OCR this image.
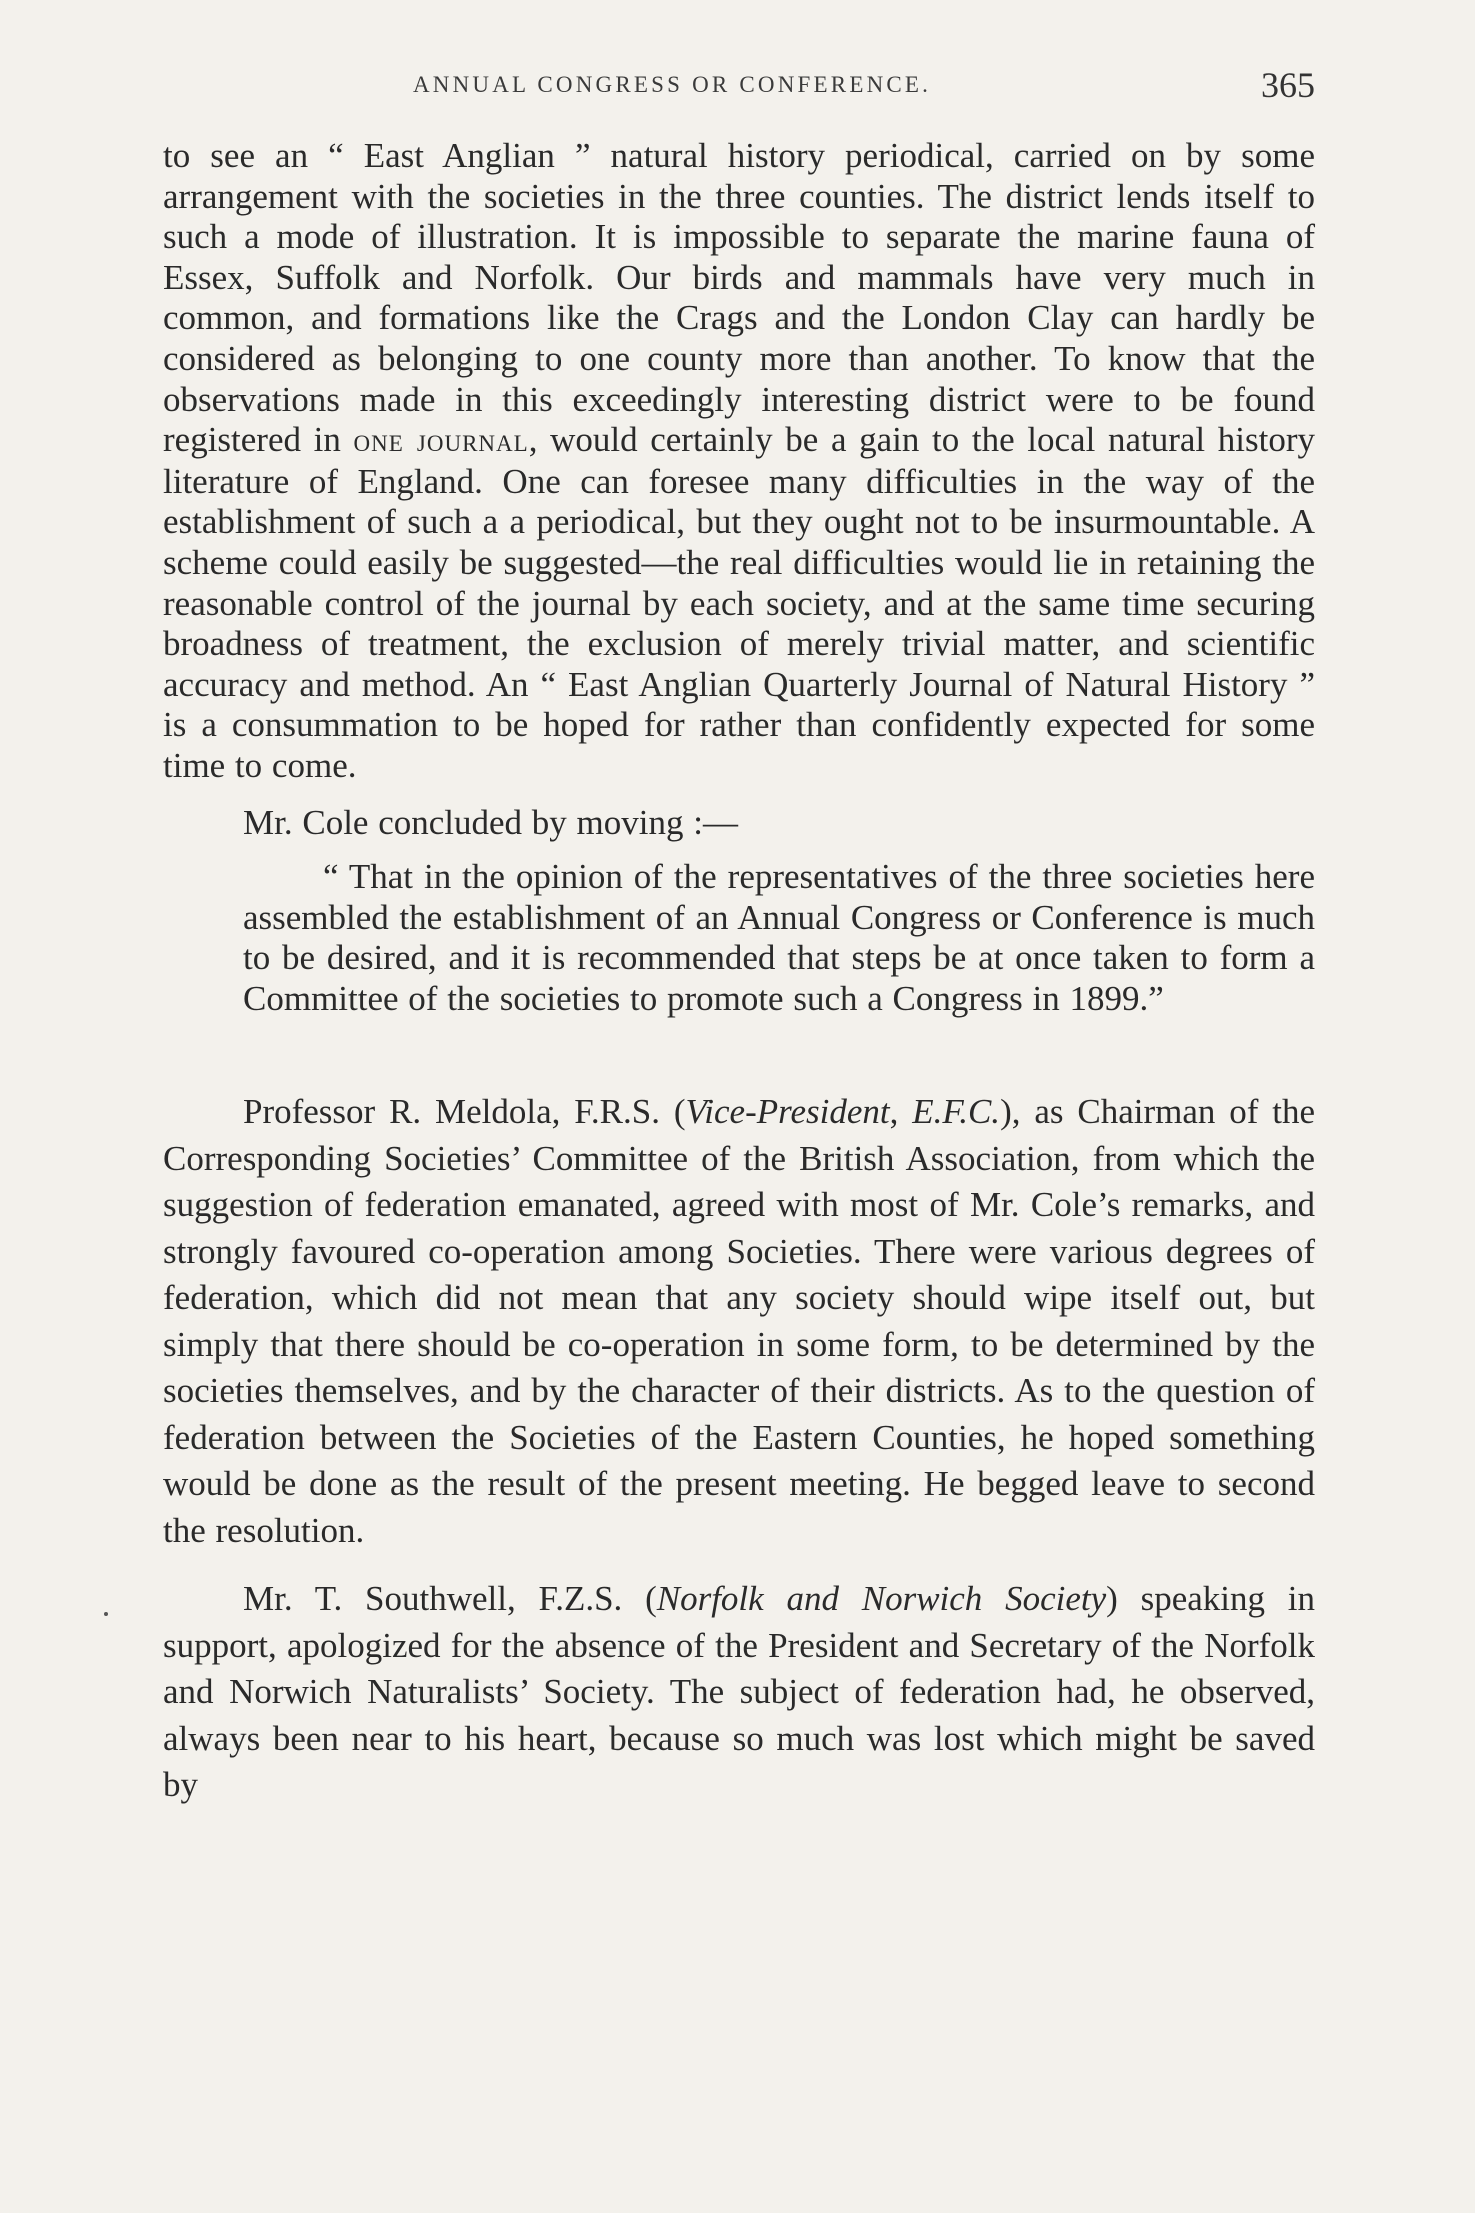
ANNUAL CONGRESS OR CONFERENCE.	365

to see an “ East Anglian ” natural history periodical, carried on by some arrangement with the societies in the three counties. The district lends itself to such a mode of illustration. It is impossible to separate the marine fauna of Essex, Suffolk and Norfolk. Our birds and mammals have very much in common, and formations like the Crags and the London Clay can hardly be considered as belonging to one county more than another. To know that the observations made in this exceedingly interesting district were to be found registered in one journal, would certainly be a gain to the local natural history literature of England. One can foresee many difficulties in the way of the establishment of such a a periodical, but they ought not to be insurmountable. A scheme could easily be suggested—the real difficulties would lie in retaining the reasonable control of the journal by each society, and at the same time securing broadness of treatment, the exclusion of merely trivial matter, and scientific accuracy and method. An “ East Anglian Quarterly Journal of Natural History ” is a consummation to be hoped for rather than confidently expected for some time to come.

Mr. Cole concluded by moving :—

“ That in the opinion of the representatives of the three societies here assembled the establishment of an Annual Congress or Conference is much to be desired, and it is recommended that steps be at once taken to form a Committee of the societies to promote such a Congress in 1899.”

Professor R. Meldola, F.R.S. (Vice-President, E.F.C.), as Chairman of the Corresponding Societies’ Committee of the British Association, from which the suggestion of federation emanated, agreed with most of Mr. Cole’s remarks, and strongly favoured co-operation among Societies. There were various degrees of federation, which did not mean that any society should wipe itself out, but simply that there should be co-operation in some form, to be determined by the societies themselves, and by the character of their districts. As to the question of federation between the Societies of the Eastern Counties, he hoped something would be done as the result of the present meeting. He begged leave to second the resolution.

Mr. T. Southwell, F.Z.S. (Norfolk and Norwich Society) speaking in support, apologized for the absence of the President and Secretary of the Norfolk and Norwich Naturalists’ Society. The subject of federation had, he observed, always been near to his heart, because so much was lost which might be saved by
